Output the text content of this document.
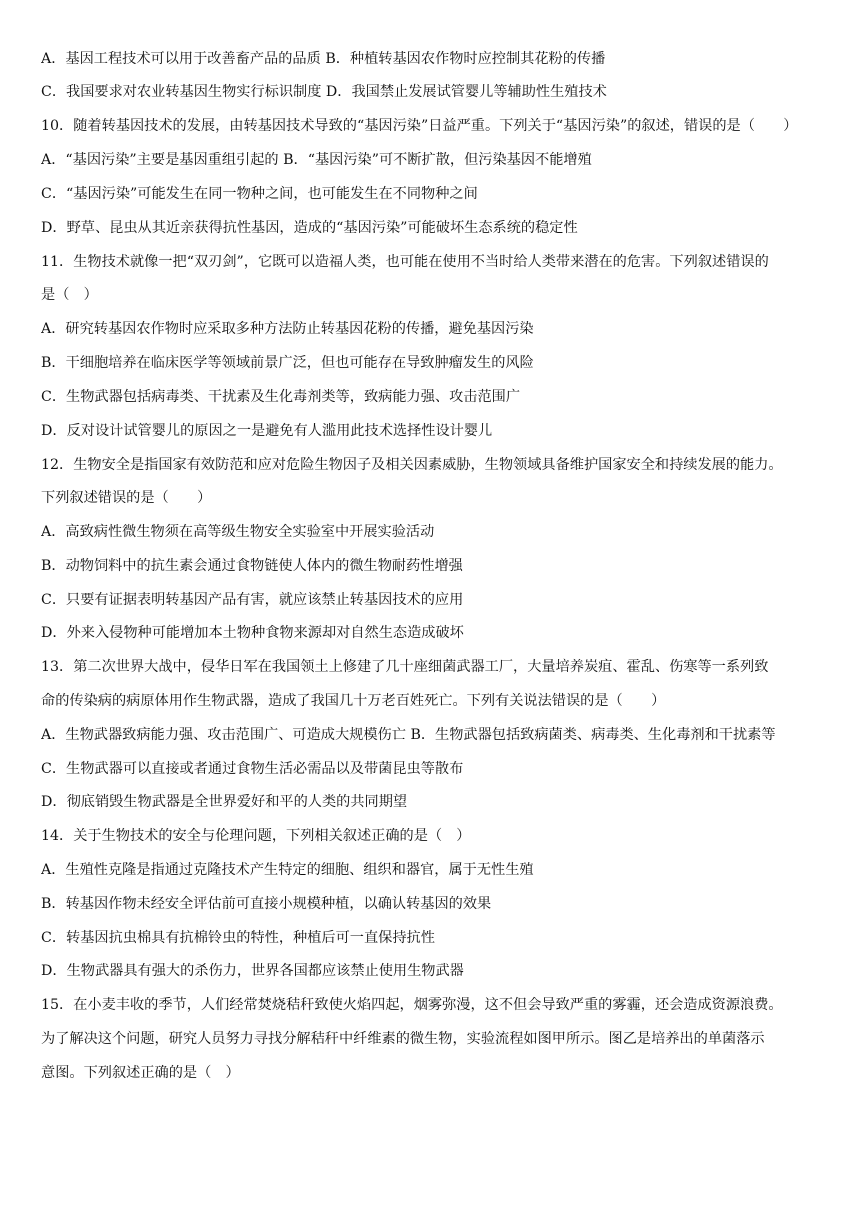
A．基因工程技术可以用于改善畜产品的品质 B．种植转基因农作物时应控制其花粉的传播
C．我国要求对农业转基因生物实行标识制度 D．我国禁止发展试管婴儿等辅助性生殖技术
10．随着转基因技术的发展，由转基因技术导致的“基因污染”日益严重。下列关于“基因污染”的叙述，错误的是（　　）
A．“基因污染”主要是基因重组引起的 B．“基因污染”可不断扩散，但污染基因不能增殖
C．“基因污染”可能发生在同一物种之间，也可能发生在不同物种之间
D．野草、昆虫从其近亲获得抗性基因，造成的“基因污染”可能破坏生态系统的稳定性
11．生物技术就像一把“双刃剑”，它既可以造福人类，也可能在使用不当时给人类带来潜在的危害。下列叙述错误的
是（　）
A．研究转基因农作物时应采取多种方法防止转基因花粉的传播，避免基因污染
B．干细胞培养在临床医学等领域前景广泛，但也可能存在导致肿瘤发生的风险
C．生物武器包括病毒类、干扰素及生化毒剂类等，致病能力强、攻击范围广
D．反对设计试管婴儿的原因之一是避免有人滥用此技术选择性设计婴儿
12．生物安全是指国家有效防范和应对危险生物因子及相关因素威胁，生物领域具备维护国家安全和持续发展的能力。
下列叙述错误的是（　　）
A．高致病性微生物须在高等级生物安全实验室中开展实验活动
B．动物饲料中的抗生素会通过食物链使人体内的微生物耐药性增强
C．只要有证据表明转基因产品有害，就应该禁止转基因技术的应用
D．外来入侵物种可能增加本土物种食物来源却对自然生态造成破坏
13．第二次世界大战中，侵华日军在我国领土上修建了几十座细菌武器工厂，大量培养炭疽、霍乱、伤寒等一系列致
命的传染病的病原体用作生物武器，造成了我国几十万老百姓死亡。下列有关说法错误的是（　　）
A．生物武器致病能力强、攻击范围广、可造成大规模伤亡 B．生物武器包括致病菌类、病毒类、生化毒剂和干扰素等
C．生物武器可以直接或者通过食物生活必需品以及带菌昆虫等散布
D．彻底销毁生物武器是全世界爱好和平的人类的共同期望
14．关于生物技术的安全与伦理问题，下列相关叙述正确的是（　）
A．生殖性克隆是指通过克隆技术产生特定的细胞、组织和器官，属于无性生殖
B．转基因作物未经安全评估前可直接小规模种植，以确认转基因的效果
C．转基因抗虫棉具有抗棉铃虫的特性，种植后可一直保持抗性
D．生物武器具有强大的杀伤力，世界各国都应该禁止使用生物武器
15．在小麦丰收的季节，人们经常焚烧秸秆致使火焰四起，烟雾弥漫，这不但会导致严重的雾霾，还会造成资源浪费。
为了解决这个问题，研究人员努力寻找分解秸秆中纤维素的微生物，实验流程如图甲所示。图乙是培养出的单菌落示
意图。下列叙述正确的是（　）
